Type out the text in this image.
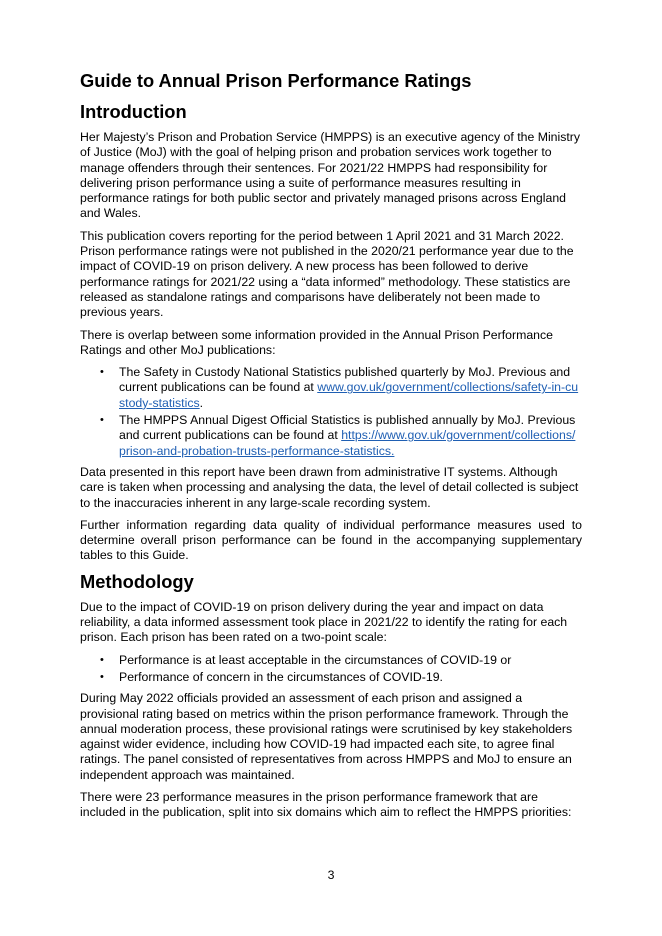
Guide to Annual Prison Performance Ratings
Introduction

Her Majesty’s Prison and Probation Service (HMPPS) is an executive agency of the Ministry of Justice (MoJ) with the goal of helping prison and probation services work together to manage offenders through their sentences. For 2021/22 HMPPS had responsibility for delivering prison performance using a suite of performance measures resulting in performance ratings for both public sector and privately managed prisons across England and Wales.

This publication covers reporting for the period between 1 April 2021 and 31 March 2022. Prison performance ratings were not published in the 2020/21 performance year due to the impact of COVID-19 on prison delivery. A new process has been followed to derive performance ratings for 2021/22 using a “data informed” methodology. These statistics are released as standalone ratings and comparisons have deliberately not been made to previous years.

There is overlap between some information provided in the Annual Prison Performance Ratings and other MoJ publications:

• The Safety in Custody National Statistics published quarterly by MoJ. Previous and current publications can be found at www.gov.uk/government/collections/safety-in-custody-statistics.
• The HMPPS Annual Digest Official Statistics is published annually by MoJ. Previous and current publications can be found at https://www.gov.uk/government/collections/prison-and-probation-trusts-performance-statistics.

Data presented in this report have been drawn from administrative IT systems. Although care is taken when processing and analysing the data, the level of detail collected is subject to the inaccuracies inherent in any large-scale recording system.

Further information regarding data quality of individual performance measures used to determine overall prison performance can be found in the accompanying supplementary tables to this Guide.

Methodology

Due to the impact of COVID-19 on prison delivery during the year and impact on data reliability, a data informed assessment took place in 2021/22 to identify the rating for each prison. Each prison has been rated on a two-point scale:

• Performance is at least acceptable in the circumstances of COVID-19 or
• Performance of concern in the circumstances of COVID-19.

During May 2022 officials provided an assessment of each prison and assigned a provisional rating based on metrics within the prison performance framework. Through the annual moderation process, these provisional ratings were scrutinised by key stakeholders against wider evidence, including how COVID-19 had impacted each site, to agree final ratings. The panel consisted of representatives from across HMPPS and MoJ to ensure an independent approach was maintained.

There were 23 performance measures in the prison performance framework that are included in the publication, split into six domains which aim to reflect the HMPPS priorities:

3
